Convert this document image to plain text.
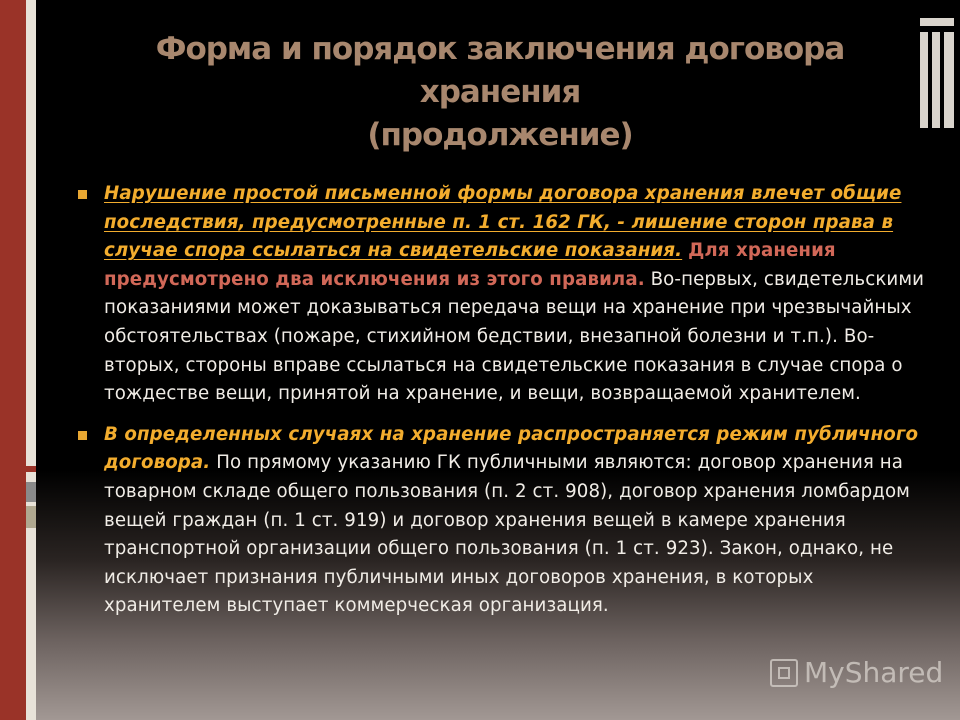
Форма и порядок заключения договора
хранения
(продолжение)
Нарушение простой письменной формы договора хранения влечет общие последствия, предусмотренные п. 1 ст. 162 ГК, - лишение сторон права в случае спора ссылаться на свидетельские показания. Для хранения предусмотрено два исключения из этого правила. Во-первых, свидетельскими показаниями может доказываться передача вещи на хранение при чрезвычайных обстоятельствах (пожаре, стихийном бедствии, внезапной болезни и т.п.). Во-вторых, стороны вправе ссылаться на свидетельские показания в случае спора о тождестве вещи, принятой на хранение, и вещи, возвращаемой хранителем.
В определенных случаях на хранение распространяется режим публичного договора. По прямому указанию ГК публичными являются: договор хранения на товарном складе общего пользования (п. 2 ст. 908), договор хранения ломбардом вещей граждан (п. 1 ст. 919) и договор хранения вещей в камере хранения транспортной организации общего пользования (п. 1 ст. 923). Закон, однако, не исключает признания публичными иных договоров хранения, в которых хранителем выступает коммерческая организация.
MyShared
